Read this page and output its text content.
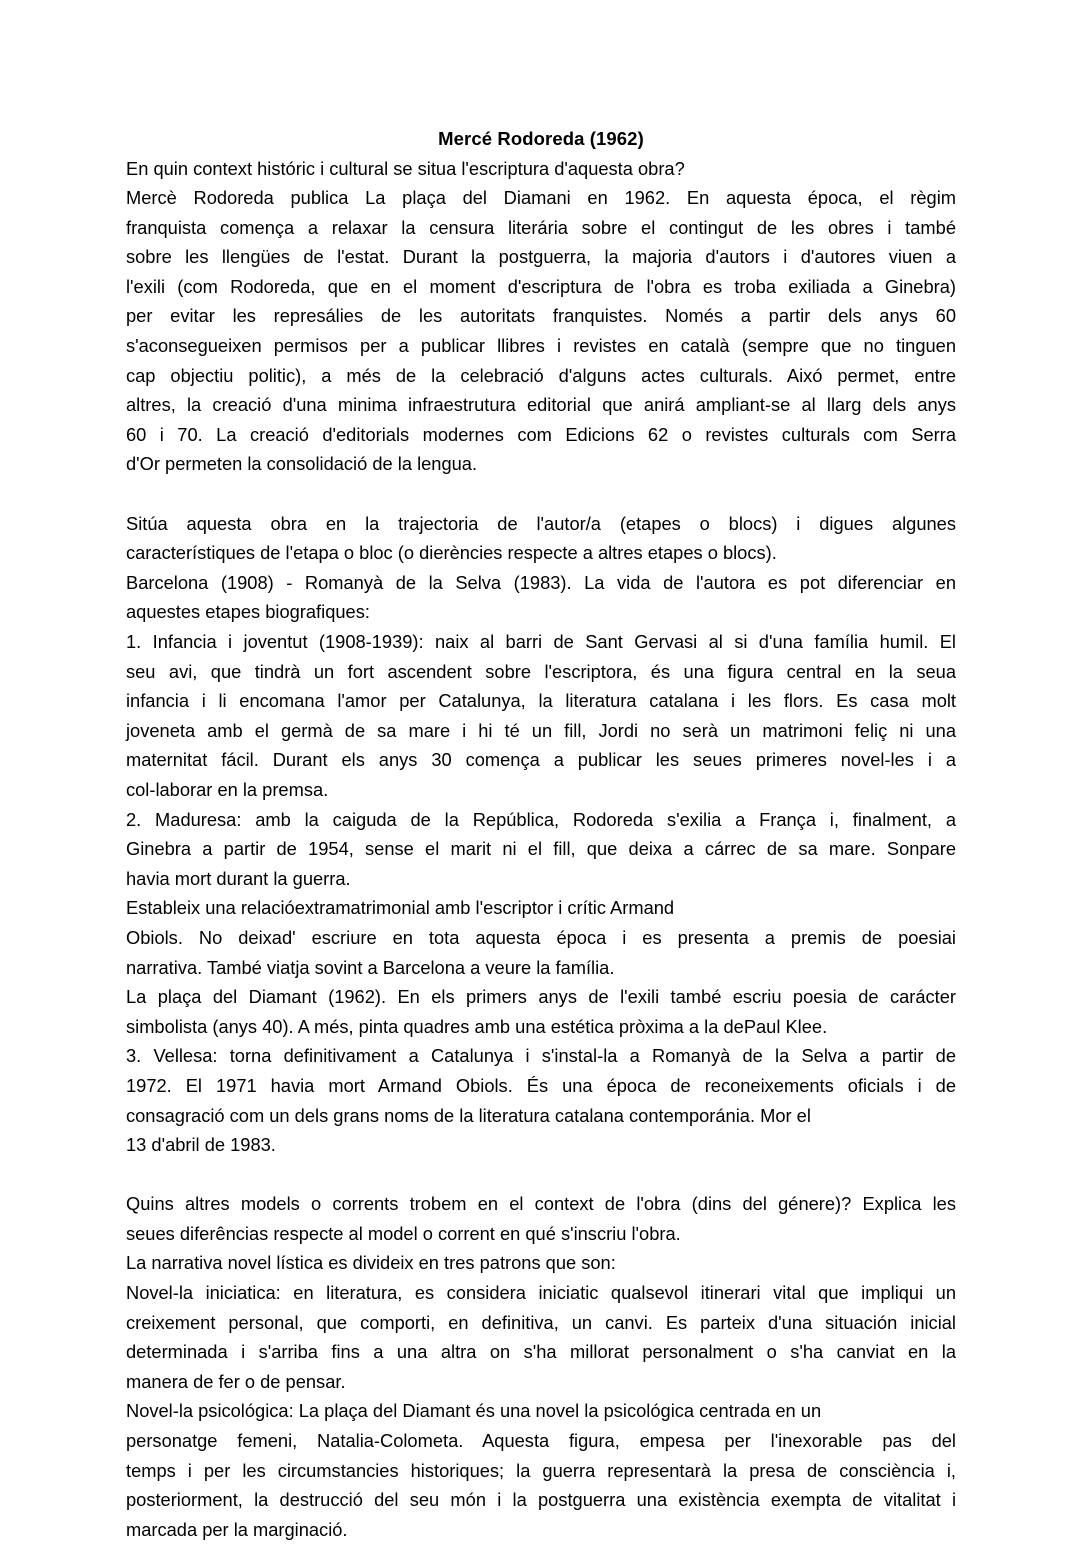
Mercé Rodoreda (1962)
En quin context históric i cultural se situa l'escriptura d'aquesta obra?
Mercè Rodoreda publica La plaça del Diamani en 1962. En aquesta época, el règim
franquista comença a relaxar la censura literária sobre el contingut de les obres i també
sobre les llengües de l'estat. Durant la postguerra, la majoria d'autors i d'autores viuen a
l'exili (com Rodoreda, que en el moment d'escriptura de l'obra es troba exiliada a Ginebra)
per evitar les represálies de les autoritats franquistes. Només a partir dels anys 60
s'aconsegueixen permisos per a publicar llibres i revistes en català (sempre que no tinguen
cap objectiu politic), a més de la celebració d'alguns actes culturals. Aixó permet, entre
altres, la creació d'una minima infraestrutura editorial que anirá ampliant-se al llarg dels anys
60 i 70. La creació d'editorials modernes com Edicions 62 o revistes culturals com Serra
d'Or permeten la consolidació de la lengua.
Sitúa aquesta obra en la trajectoria de l'autor/a (etapes o blocs) i digues algunes
característiques de l'etapa o bloc (o dierències respecte a altres etapes o blocs).
Barcelona (1908) - Romanyà de la Selva (1983). La vida de l'autora es pot diferenciar en
aquestes etapes biografiques:
1. Infancia i joventut (1908-1939): naix al barri de Sant Gervasi al si d'una família humil. El
seu avi, que tindrà un fort ascendent sobre l'escriptora, és una figura central en la seua
infancia i li encomana l'amor per Catalunya, la literatura catalana i les flors. Es casa molt
joveneta amb el germà de sa mare i hi té un fill, Jordi no serà un matrimoni feliç ni una
maternitat fácil. Durant els anys 30 comença a publicar les seues primeres novel-les i a
col-laborar en la premsa.
2. Maduresa: amb la caiguda de la República, Rodoreda s'exilia a França i, finalment, a
Ginebra a partir de 1954, sense el marit ni el fill, que deixa a cárrec de sa mare. Sonpare
havia mort durant la guerra.
Estableix una relacióextramatrimonial amb l'escriptor i crític Armand
Obiols. No deixad' escriure en tota aquesta época i es presenta a premis de poesiai
narrativa. També viatja sovint a Barcelona a veure la família.
La plaça del Diamant (1962). En els primers anys de l'exili també escriu poesia de carácter
simbolista (anys 40). A més, pinta quadres amb una estética pròxima a la dePaul Klee.
3. Vellesa: torna definitivament a Catalunya i s'instal-la a Romanyà de la Selva a partir de
1972. El 1971 havia mort Armand Obiols. És una época de reconeixements oficials i de
consagració com un dels grans noms de la literatura catalana contemporánia. Mor el
13 d'abril de 1983.
Quins altres models o corrents trobem en el context de l'obra (dins del génere)? Explica les
seues diferências respecte al model o corrent en qué s'inscriu l'obra.
La narrativa novel lística es divideix en tres patrons que son:
Novel-la iniciatica: en literatura, es considera iniciatic qualsevol itinerari vital que impliqui un
creixement personal, que comporti, en definitiva, un canvi. Es parteix d'una situación inicial
determinada i s'arriba fins a una altra on s'ha millorat personalment o s'ha canviat en la
manera de fer o de pensar.
Novel-la psicológica: La plaça del Diamant és una novel la psicológica centrada en un
personatge femeni, Natalia-Colometa. Aquesta figura, empesa per l'inexorable pas del
temps i per les circumstancies historiques; la guerra representarà la presa de consciència i,
posteriorment, la destrucció del seu món i la postguerra una existència exempta de vitalitat i
marcada per la marginació.
